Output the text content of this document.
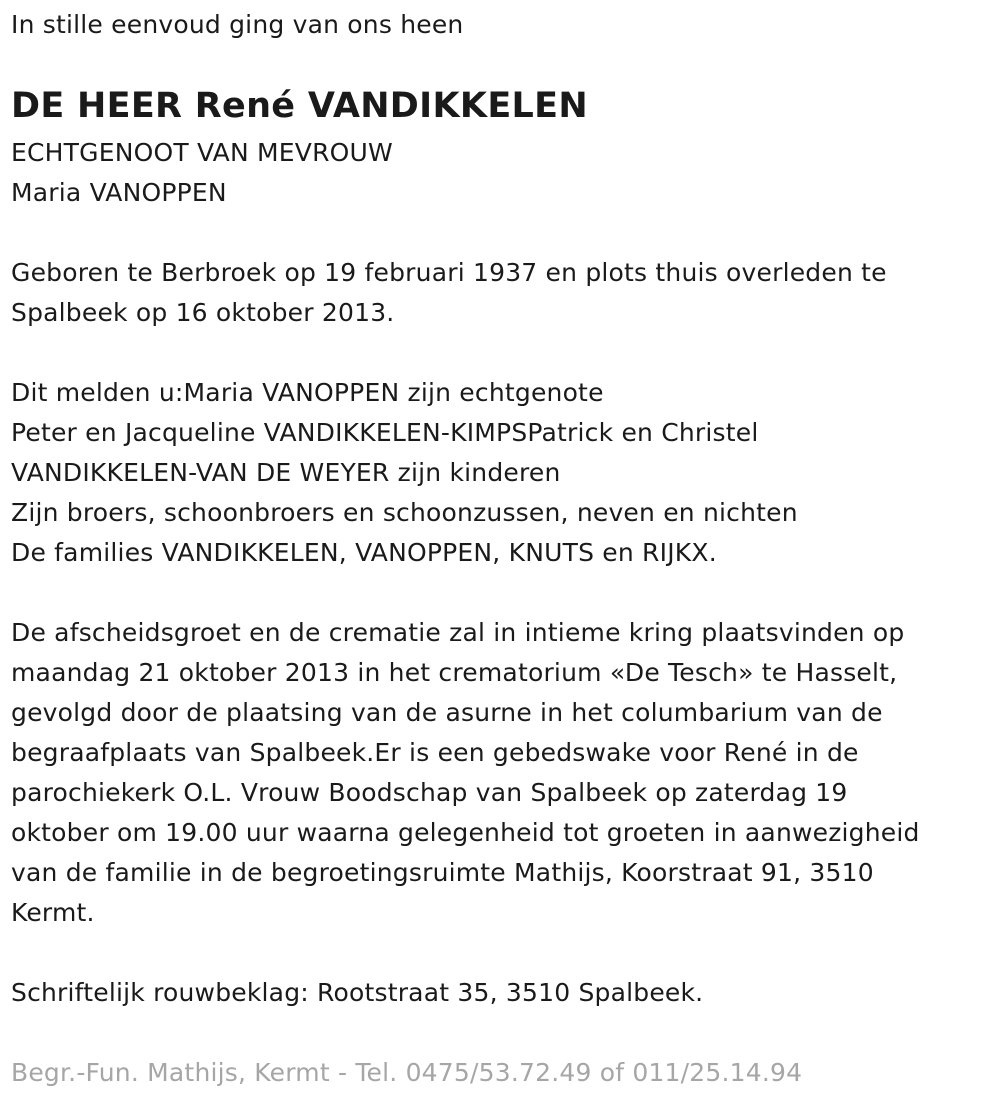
In stille eenvoud ging van ons heen
DE HEER René VANDIKKELEN
ECHTGENOOT VAN MEVROUW
Maria VANOPPEN
Geboren te Berbroek op 19 februari 1937 en plots thuis overleden te
Spalbeek op 16 oktober 2013.
Dit melden u:Maria VANOPPEN zijn echtgenote
Peter en Jacqueline VANDIKKELEN-KIMPSPatrick en Christel
VANDIKKELEN-VAN DE WEYER zijn kinderen
Zijn broers, schoonbroers en schoonzussen, neven en nichten
De families VANDIKKELEN, VANOPPEN, KNUTS en RIJKX.
De afscheidsgroet en de crematie zal in intieme kring plaatsvinden op
maandag 21 oktober 2013 in het crematorium «De Tesch» te Hasselt,
gevolgd door de plaatsing van de asurne in het columbarium van de
begraafplaats van Spalbeek.Er is een gebedswake voor René in de
parochiekerk O.L. Vrouw Boodschap van Spalbeek op zaterdag 19
oktober om 19.00 uur waarna gelegenheid tot groeten in aanwezigheid
van de familie in de begroetingsruimte Mathijs, Koorstraat 91, 3510
Kermt.
Schriftelijk rouwbeklag: Rootstraat 35, 3510 Spalbeek.
Begr.-Fun. Mathijs, Kermt - Tel. 0475/53.72.49 of 011/25.14.94
